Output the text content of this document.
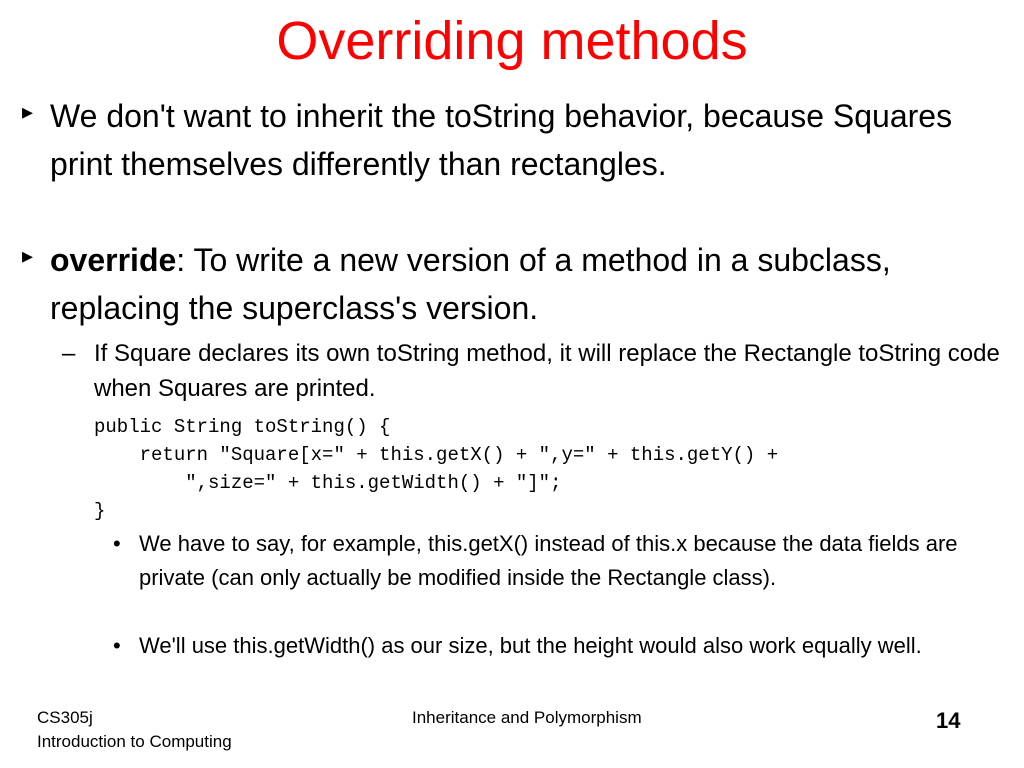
Overriding methods
▸ We don't want to inherit the toString behavior, because Squares print themselves differently than rectangles.
▸ override: To write a new version of a method in a subclass, replacing the superclass's version.
– If Square declares its own toString method, it will replace the Rectangle toString code when Squares are printed.
public String toString() {
return "Square[x=" + this.getX() + ",y=" + this.getY() +
",size=" + this.getWidth() + "]";
}
• We have to say, for example, this.getX() instead of this.x because the data fields are private (can only actually be modified inside the Rectangle class).
• We'll use this.getWidth() as our size, but the height would also work equally well.
CS305j
Introduction to Computing
Inheritance and Polymorphism	14
